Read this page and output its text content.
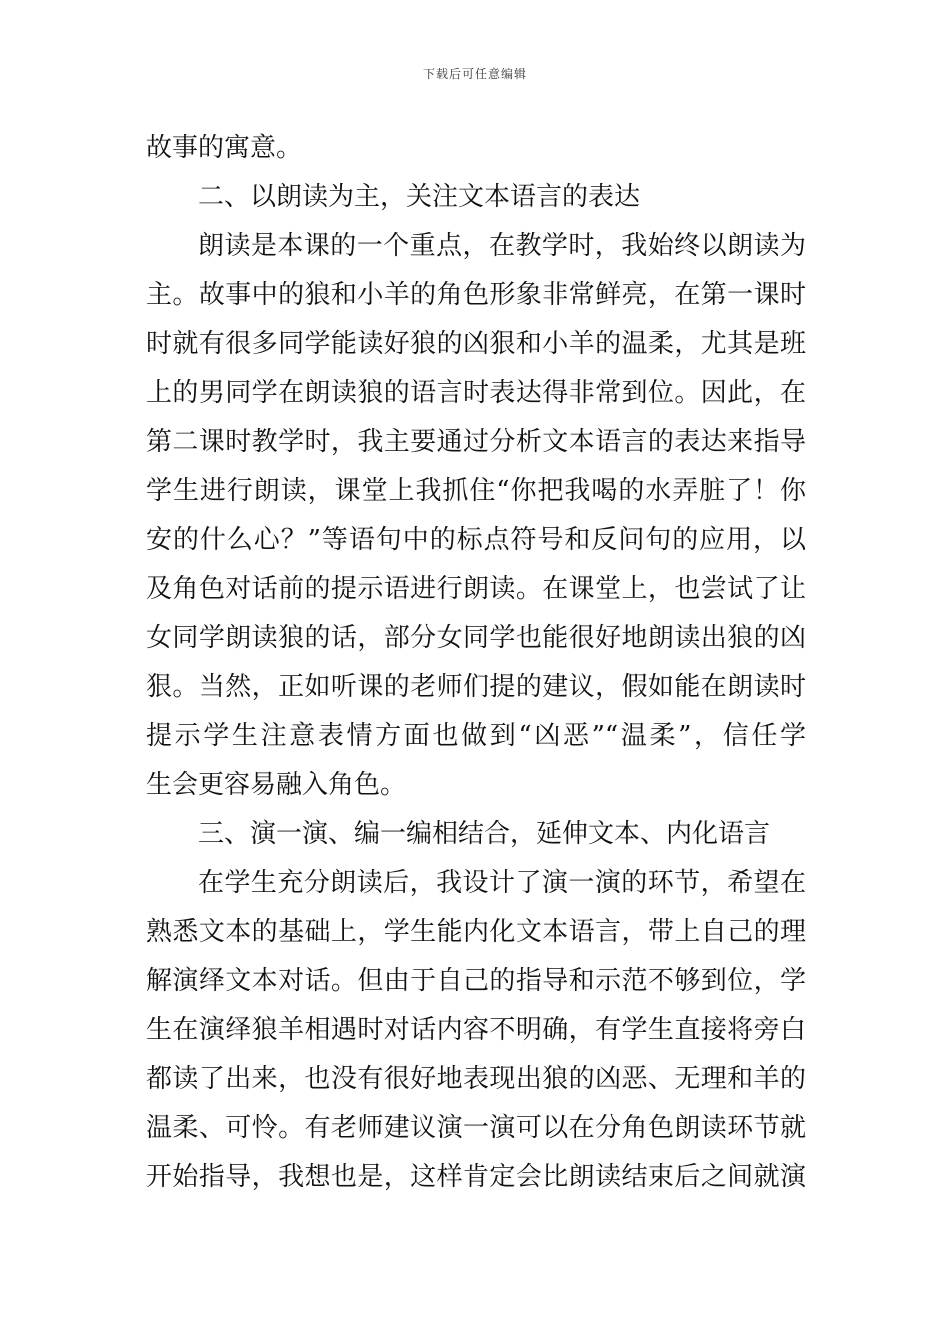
下载后可任意编辑
故事的寓意。
二、以朗读为主，关注文本语言的表达
朗读是本课的一个重点，在教学时，我始终以朗读为
主。故事中的狼和小羊的角色形象非常鲜亮，在第一课时
时就有很多同学能读好狼的凶狠和小羊的温柔，尤其是班
上的男同学在朗读狼的语言时表达得非常到位。因此，在
第二课时教学时，我主要通过分析文本语言的表达来指导
学生进行朗读，课堂上我抓住“你把我喝的水弄脏了！你
安的什么心？”等语句中的标点符号和反问句的应用，以
及角色对话前的提示语进行朗读。在课堂上，也尝试了让
女同学朗读狼的话，部分女同学也能很好地朗读出狼的凶
狠。当然，正如听课的老师们提的建议，假如能在朗读时
提示学生注意表情方面也做到“凶恶”“温柔”，信任学
生会更容易融入角色。
三、演一演、编一编相结合，延伸文本、内化语言
在学生充分朗读后，我设计了演一演的环节，希望在
熟悉文本的基础上，学生能内化文本语言，带上自己的理
解演绎文本对话。但由于自己的指导和示范不够到位，学
生在演绎狼羊相遇时对话内容不明确，有学生直接将旁白
都读了出来，也没有很好地表现出狼的凶恶、无理和羊的
温柔、可怜。有老师建议演一演可以在分角色朗读环节就
开始指导，我想也是，这样肯定会比朗读结束后之间就演
